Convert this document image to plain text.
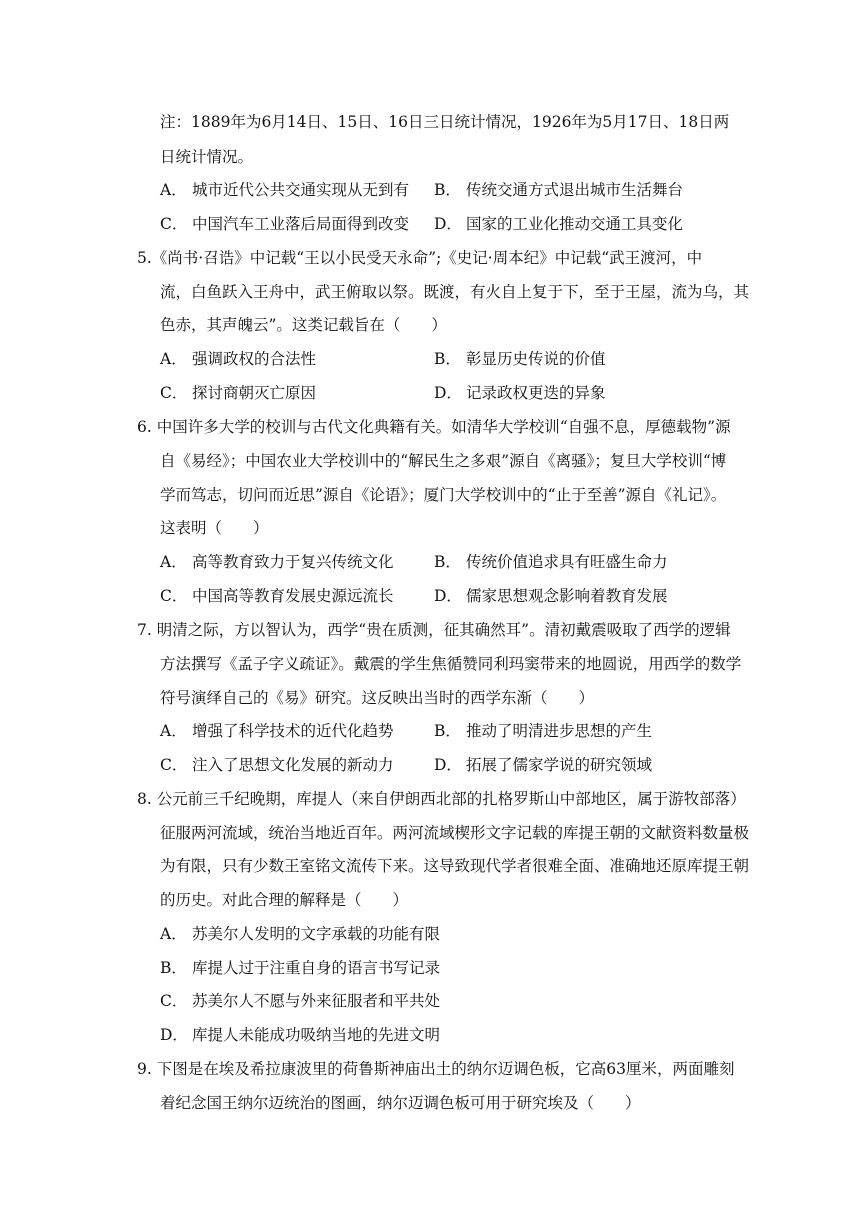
注：1889年为6月14日、15日、16日三日统计情况，1926年为5月17日、18日两
日统计情况。
A． 城市近代公共交通实现从无到有 B． 传统交通方式退出城市生活舞台
C． 中国汽车工业落后局面得到改变 D． 国家的工业化推动交通工具变化
5.《尚书·召诰》中记载“王以小民受天永命”;《史记·周本纪》中记载“武王渡河，中
流，白鱼跃入王舟中，武王俯取以祭。既渡，有火自上复于下，至于王屋，流为乌，其
色赤，其声魄云”。这类记载旨在（　　）
A． 强调政权的合法性	B． 彰显历史传说的价值
C． 探讨商朝灭亡原因	D． 记录政权更迭的异象
6. 中国许多大学的校训与古代文化典籍有关。如清华大学校训“自强不息，厚德载物”源
自《易经》；中国农业大学校训中的“解民生之多艰”源自《离骚》；复旦大学校训“博
学而笃志，切问而近思”源自《论语》；厦门大学校训中的“止于至善”源自《礼记》。
这表明（　　）
A． 高等教育致力于复兴传统文化	B． 传统价值追求具有旺盛生命力
C． 中国高等教育发展史源远流长	D． 儒家思想观念影响着教育发展
7. 明清之际，方以智认为，西学“贵在质测，征其确然耳”。清初戴震吸取了西学的逻辑
方法撰写《孟子字义疏证》。戴震的学生焦循赞同利玛窦带来的地圆说，用西学的数学
符号演绎自己的《易》研究。这反映出当时的西学东渐（　　）
A． 增强了科学技术的近代化趋势	B． 推动了明清进步思想的产生
C． 注入了思想文化发展的新动力	D． 拓展了儒家学说的研究领域
8. 公元前三千纪晚期，库提人（来自伊朗西北部的扎格罗斯山中部地区，属于游牧部落）
征服两河流域，统治当地近百年。两河流域楔形文字记载的库提王朝的文献资料数量极
为有限，只有少数王室铭文流传下来。这导致现代学者很难全面、准确地还原库提王朝
的历史。对此合理的解释是（　　）
A． 苏美尔人发明的文字承载的功能有限
B． 库提人过于注重自身的语言书写记录
C． 苏美尔人不愿与外来征服者和平共处
D． 库提人未能成功吸纳当地的先进文明
9. 下图是在埃及希拉康波里的荷鲁斯神庙出土的纳尔迈调色板，它高63厘米，两面雕刻
着纪念国王纳尔迈统治的图画，纳尔迈调色板可用于研究埃及（　　）
